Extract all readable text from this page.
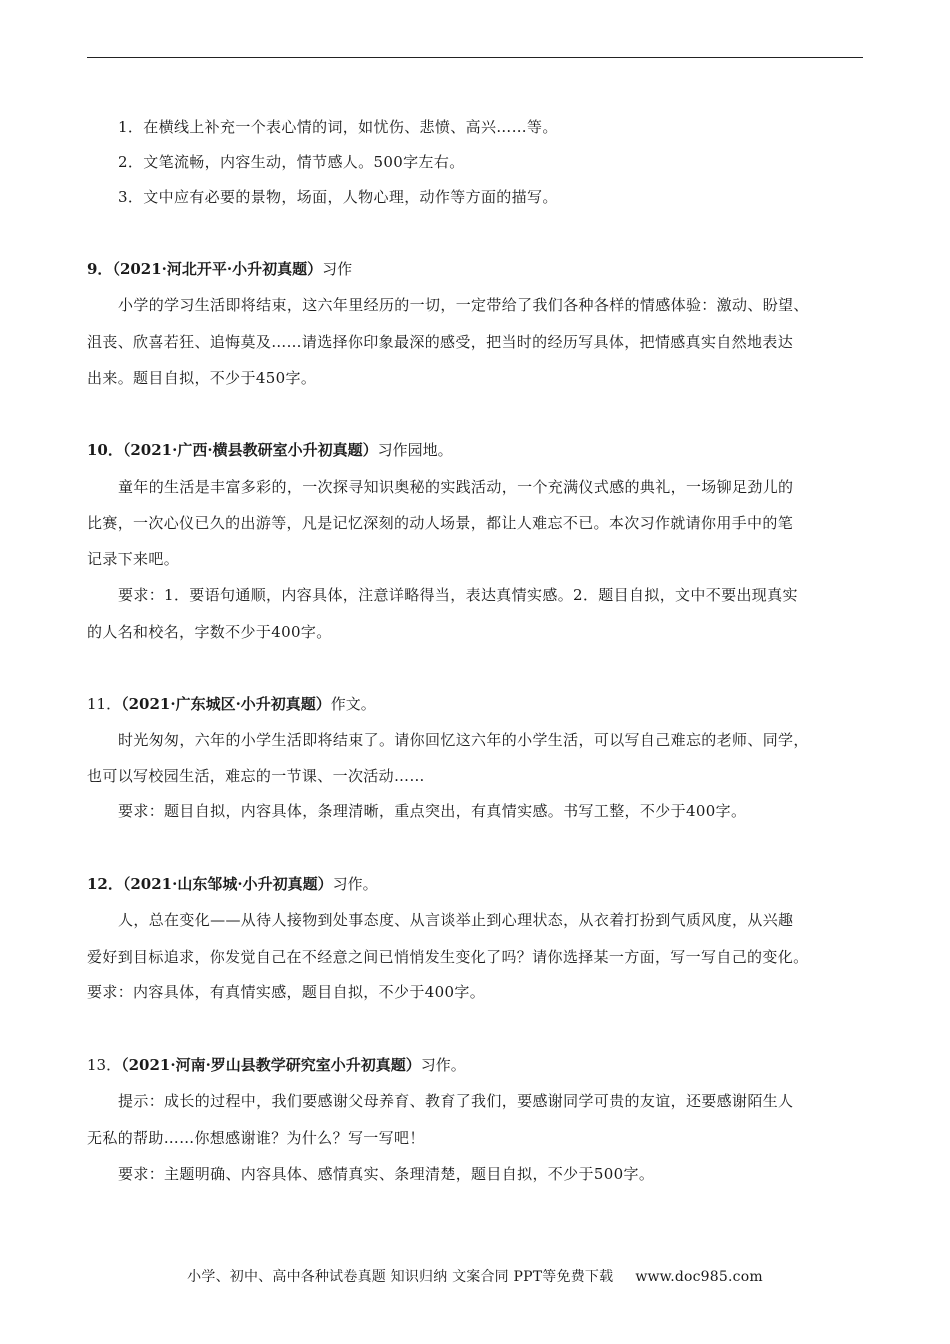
1．在横线上补充一个表心情的词，如忧伤、悲愤、高兴……等。
2．文笔流畅，内容生动，情节感人。500字左右。
3．文中应有必要的景物，场面，人物心理，动作等方面的描写。
9．（2021·河北开平·小升初真题）习作
小学的学习生活即将结束，这六年里经历的一切，一定带给了我们各种各样的情感体验：激动、盼望、
沮丧、欣喜若狂、追悔莫及……请选择你印象最深的感受，把当时的经历写具体，把情感真实自然地表达
出来。题目自拟，不少于450字。
10．（2021·广西·横县教研室小升初真题）习作园地。
童年的生活是丰富多彩的，一次探寻知识奥秘的实践活动，一个充满仪式感的典礼，一场铆足劲儿的
比赛，一次心仪已久的出游等，凡是记忆深刻的动人场景，都让人难忘不已。本次习作就请你用手中的笔
记录下来吧。
要求：1．要语句通顺，内容具体，注意详略得当，表达真情实感。2．题目自拟，文中不要出现真实
的人名和校名，字数不少于400字。
11．（2021·广东城区·小升初真题）作文。
时光匆匆，六年的小学生活即将结束了。请你回忆这六年的小学生活，可以写自己难忘的老师、同学，
也可以写校园生活，难忘的一节课、一次活动……
要求：题目自拟，内容具体，条理清晰，重点突出，有真情实感。书写工整，不少于400字。
12．（2021·山东邹城·小升初真题）习作。
人，总在变化——从待人接物到处事态度、从言谈举止到心理状态，从衣着打扮到气质风度，从兴趣
爱好到目标追求，你发觉自己在不经意之间已悄悄发生变化了吗？请你选择某一方面，写一写自己的变化。
要求：内容具体，有真情实感，题目自拟，不少于400字。
13．（2021·河南·罗山县教学研究室小升初真题）习作。
提示：成长的过程中，我们要感谢父母养育、教育了我们，要感谢同学可贵的友谊，还要感谢陌生人
无私的帮助……你想感谢谁？为什么？写一写吧！
要求：主题明确、内容具体、感情真实、条理清楚，题目自拟，不少于500字。
小学、初中、高中各种试卷真题 知识归纳 文案合同 PPT等免费下载 www.doc985.com
